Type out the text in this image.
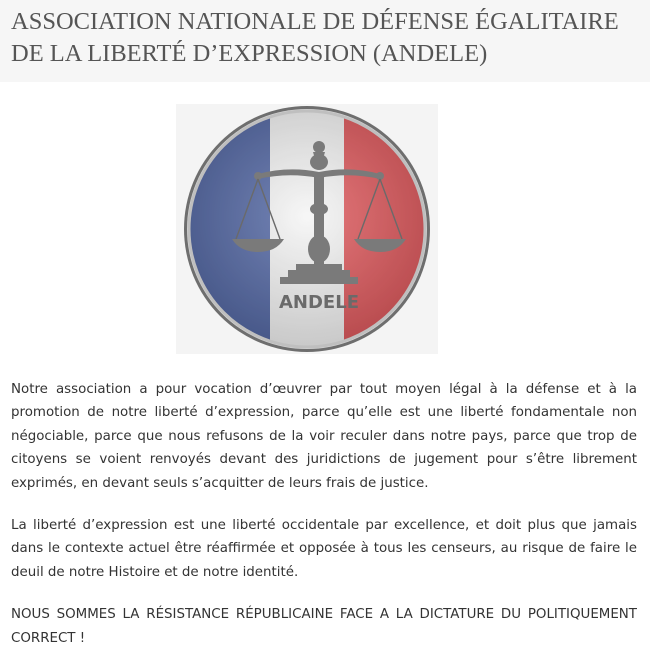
ASSOCIATION NATIONALE DE DÉFENSE ÉGALITAIRE DE LA LIBERTÉ D’EXPRESSION (ANDELE)
ANDELE

Notre association a pour vocation d’œuvrer par tout moyen légal à la défense et à la promotion de notre liberté d’expression, parce qu’elle est une liberté fondamentale non négociable, parce que nous refusons de la voir reculer dans notre pays, parce que trop de citoyens se voient renvoyés devant des juridictions de jugement pour s’être librement exprimés, en devant seuls s’acquitter de leurs frais de justice.

La liberté d’expression est une liberté occidentale par excellence, et doit plus que jamais dans le contexte actuel être réaffirmée et opposée à tous les censeurs, au risque de faire le deuil de notre Histoire et de notre identité.

NOUS SOMMES LA RÉSISTANCE RÉPUBLICAINE FACE A LA DICTATURE DU POLITIQUEMENT CORRECT !
